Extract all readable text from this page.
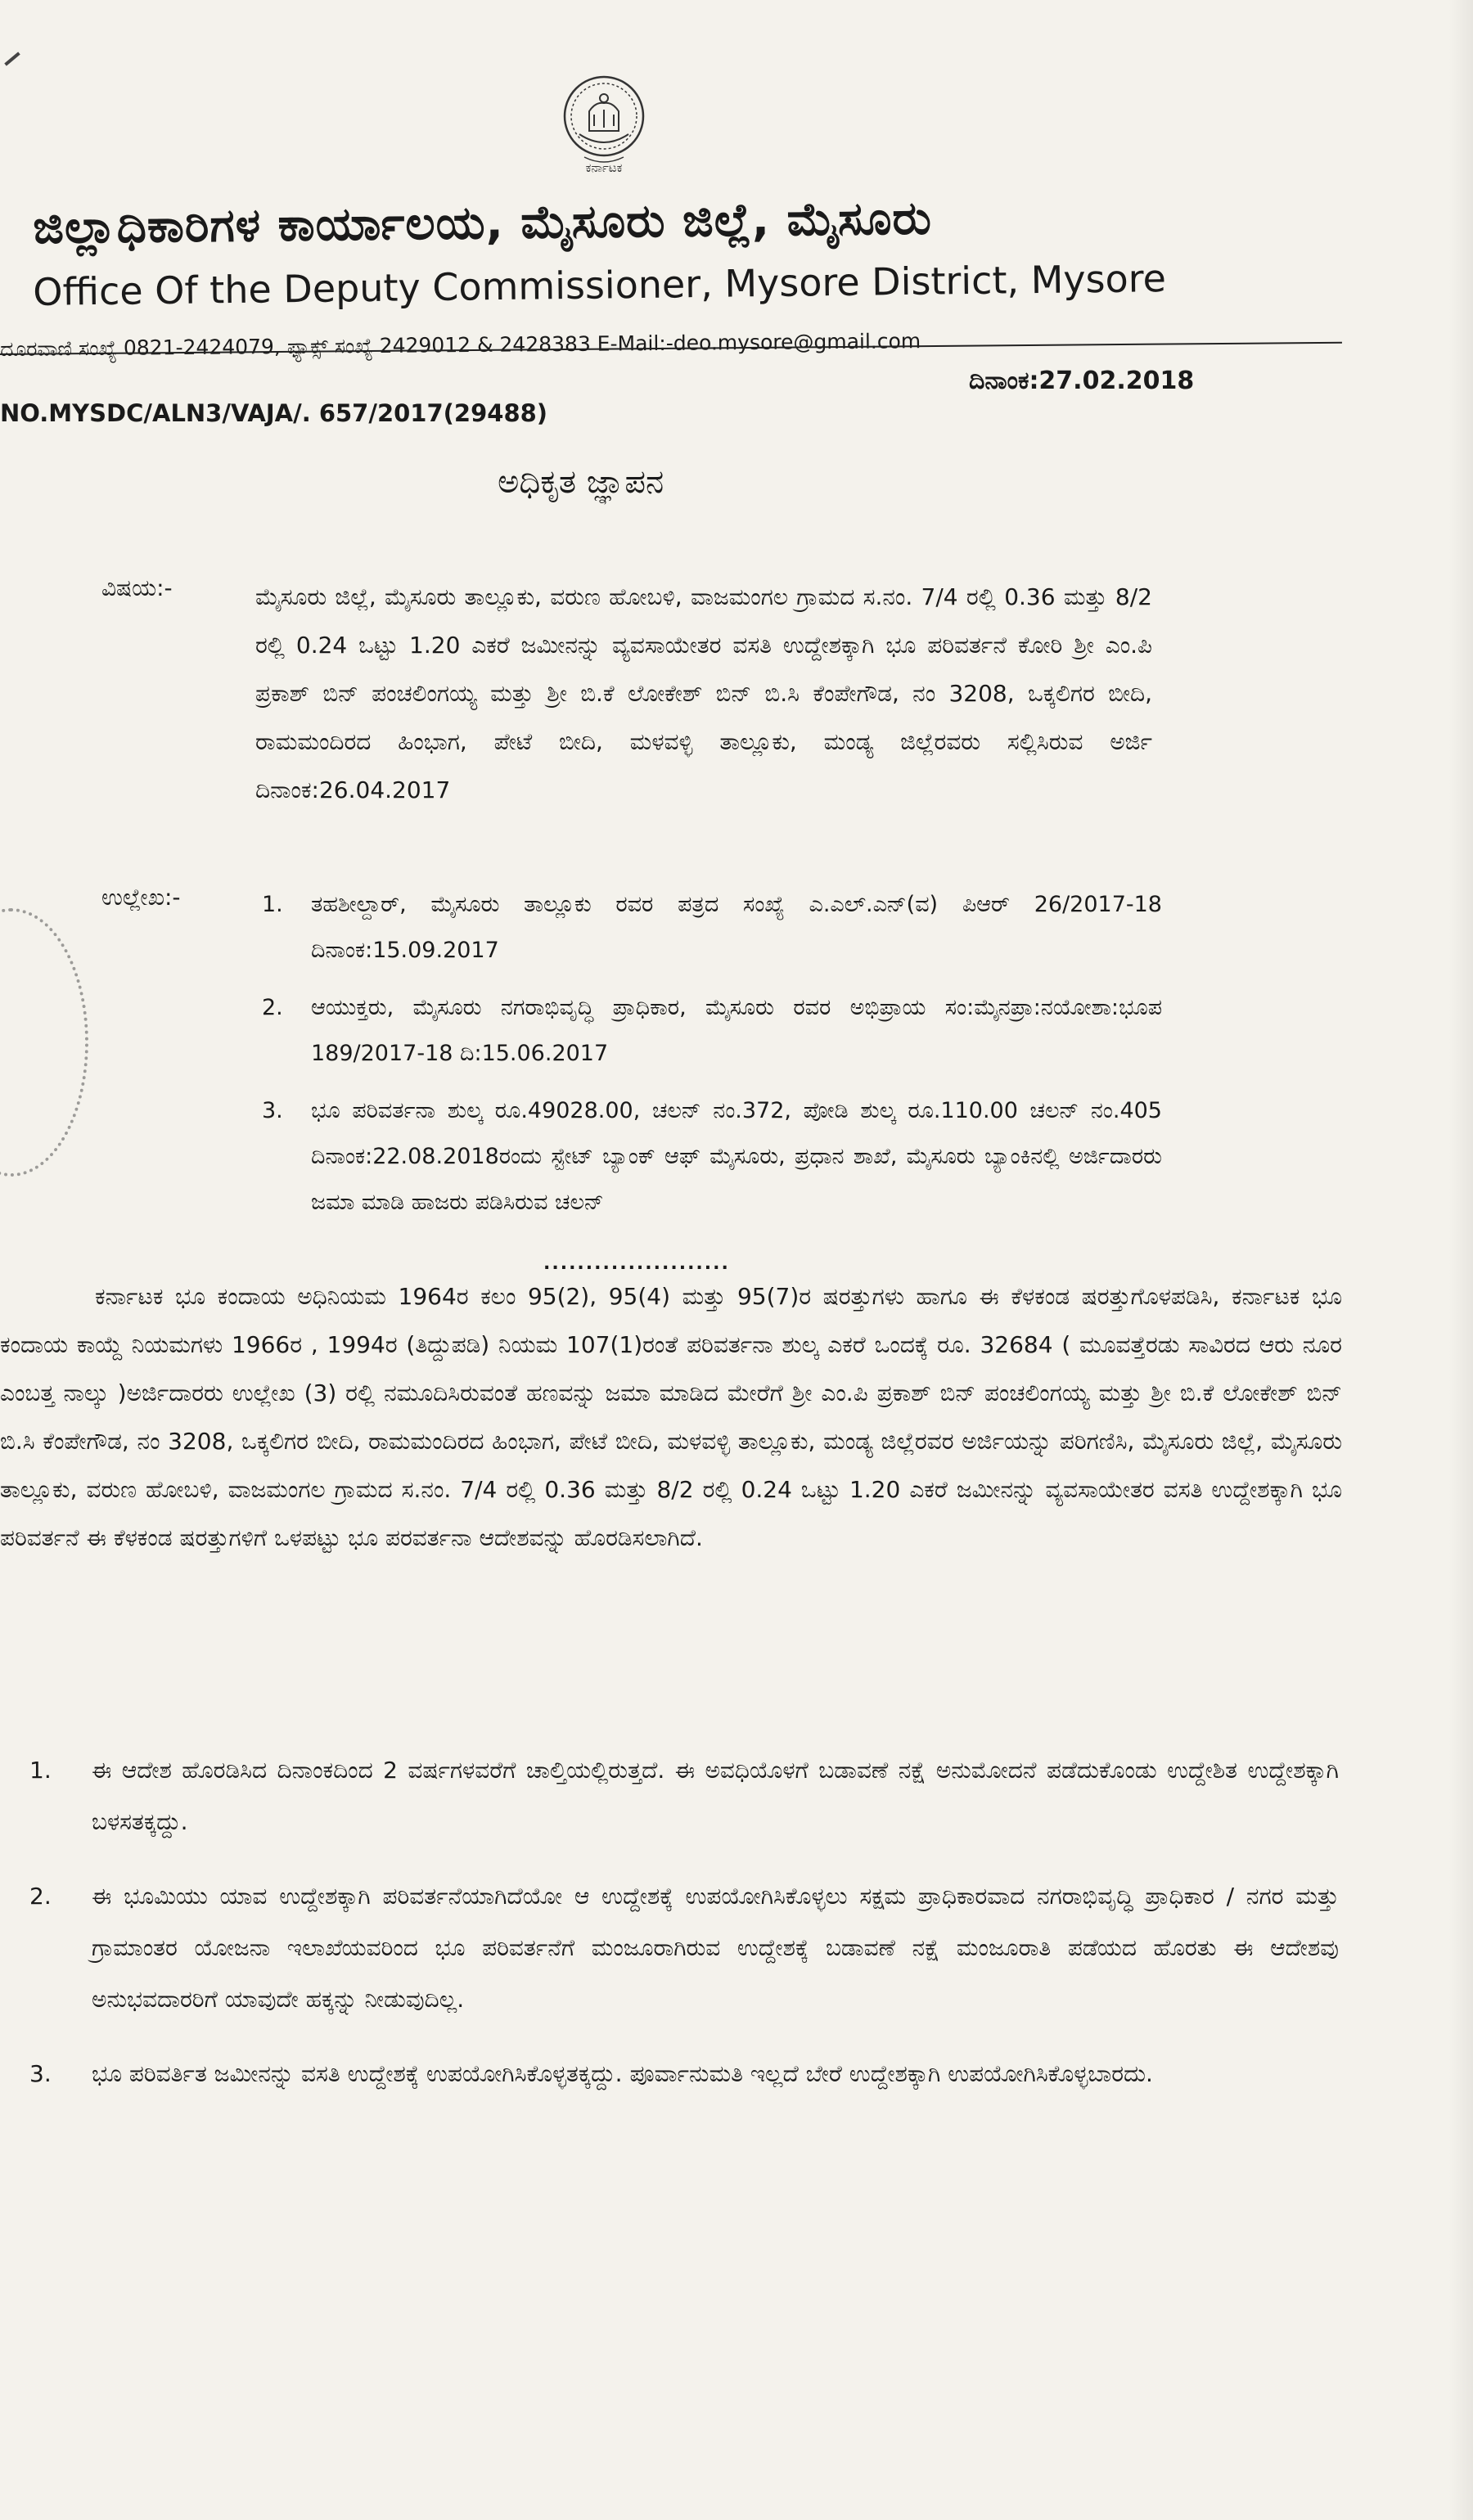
ಕರ್ನಾಟಕ
ಜಿಲ್ಲಾಧಿಕಾರಿಗಳ ಕಾರ್ಯಾಲಯ, ಮೈಸೂರು ಜಿಲ್ಲೆ, ಮೈಸೂರು
Office Of the Deputy Commissioner, Mysore District, Mysore
ದೂರವಾಣಿ ಸಂಖ್ಯೆ 0821-2424079, ಫ್ಯಾಕ್ಸ್ ಸಂಖ್ಯೆ 2429012 & 2428383 E-Mail:-deo.mysore@gmail.com
ದಿನಾಂಕ:27.02.2018
NO.MYSDC/ALN3/VAJA/. 657/2017(29488)
ಅಧಿಕೃತ ಜ್ಞಾಪನ
ವಿಷಯ:-	ಮೈಸೂರು ಜಿಲ್ಲೆ, ಮೈಸೂರು ತಾಲ್ಲೂಕು, ವರುಣ ಹೋಬಳಿ, ವಾಜಮಂಗಲ ಗ್ರಾಮದ ಸ.ನಂ. 7/4 ರಲ್ಲಿ 0.36 ಮತ್ತು 8/2 ರಲ್ಲಿ 0.24 ಒಟ್ಟು 1.20 ಎಕರೆ ಜಮೀನನ್ನು ವ್ಯವಸಾಯೇತರ ವಸತಿ ಉದ್ದೇಶಕ್ಕಾಗಿ ಭೂ ಪರಿವರ್ತನೆ ಕೋರಿ ಶ್ರೀ ಎಂ.ಪಿ ಪ್ರಕಾಶ್ ಬಿನ್ ಪಂಚಲಿಂಗಯ್ಯ ಮತ್ತು ಶ್ರೀ ಬಿ.ಕೆ ಲೋಕೇಶ್ ಬಿನ್ ಬಿ.ಸಿ ಕೆಂಪೇಗೌಡ, ನಂ 3208, ಒಕ್ಕಲಿಗರ ಬೀದಿ, ರಾಮಮಂದಿರದ ಹಿಂಭಾಗ, ಪೇಟೆ ಬೀದಿ, ಮಳವಳ್ಳಿ ತಾಲ್ಲೂಕು, ಮಂಡ್ಯ ಜಿಲ್ಲೆರವರು ಸಲ್ಲಿಸಿರುವ ಅರ್ಜಿ ದಿನಾಂಕ:26.04.2017
ಉಲ್ಲೇಖ:-	1.	ತಹಶೀಲ್ದಾರ್, ಮೈಸೂರು ತಾಲ್ಲೂಕು ರವರ ಪತ್ರದ ಸಂಖ್ಯೆ ಎ.ಎಲ್.ಎನ್(ವ) ಪಿಆರ್ 26/2017-18 ದಿನಾಂಕ:15.09.2017
2.	ಆಯುಕ್ತರು, ಮೈಸೂರು ನಗರಾಭಿವೃದ್ಧಿ ಪ್ರಾಧಿಕಾರ, ಮೈಸೂರು ರವರ ಅಭಿಪ್ರಾಯ ಸಂ:ಮೈನಪ್ರಾ:ನಯೋಶಾ:ಭೂಪ 189/2017-18 ದಿ:15.06.2017
3.	ಭೂ ಪರಿವರ್ತನಾ ಶುಲ್ಕ ರೂ.49028.00, ಚಲನ್ ನಂ.372, ಪೋಡಿ ಶುಲ್ಕ ರೂ.110.00 ಚಲನ್ ನಂ.405 ದಿನಾಂಕ:22.08.2018ರಂದು ಸ್ಟೇಟ್ ಬ್ಯಾಂಕ್ ಆಫ್ ಮೈಸೂರು, ಪ್ರಧಾನ ಶಾಖೆ, ಮೈಸೂರು ಬ್ಯಾಂಕಿನಲ್ಲಿ ಅರ್ಜಿದಾರರು ಜಮಾ ಮಾಡಿ ಹಾಜರು ಪಡಿಸಿರುವ ಚಲನ್
......................
ಕರ್ನಾಟಕ ಭೂ ಕಂದಾಯ ಅಧಿನಿಯಮ 1964ರ ಕಲಂ 95(2), 95(4) ಮತ್ತು 95(7)ರ ಷರತ್ತುಗಳು ಹಾಗೂ ಈ ಕೆಳಕಂಡ ಷರತ್ತುಗೊಳಪಡಿಸಿ, ಕರ್ನಾಟಕ ಭೂ ಕಂದಾಯ ಕಾಯ್ದೆ ನಿಯಮಗಳು 1966ರ , 1994ರ (ತಿದ್ದುಪಡಿ) ನಿಯಮ 107(1)ರಂತೆ ಪರಿವರ್ತನಾ ಶುಲ್ಕ ಎಕರೆ ಒಂದಕ್ಕೆ ರೂ. 32684 ( ಮೂವತ್ತೆರಡು ಸಾವಿರದ ಆರು ನೂರ ಎಂಬತ್ತ ನಾಲ್ಕು )ಅರ್ಜಿದಾರರು ಉಲ್ಲೇಖ (3) ರಲ್ಲಿ ನಮೂದಿಸಿರುವಂತೆ ಹಣವನ್ನು ಜಮಾ ಮಾಡಿದ ಮೇರೆಗೆ ಶ್ರೀ ಎಂ.ಪಿ ಪ್ರಕಾಶ್ ಬಿನ್ ಪಂಚಲಿಂಗಯ್ಯ ಮತ್ತು ಶ್ರೀ ಬಿ.ಕೆ ಲೋಕೇಶ್ ಬಿನ್ ಬಿ.ಸಿ ಕೆಂಪೇಗೌಡ, ನಂ 3208, ಒಕ್ಕಲಿಗರ ಬೀದಿ, ರಾಮಮಂದಿರದ ಹಿಂಭಾಗ, ಪೇಟೆ ಬೀದಿ, ಮಳವಳ್ಳಿ ತಾಲ್ಲೂಕು, ಮಂಡ್ಯ ಜಿಲ್ಲೆರವರ ಅರ್ಜಿಯನ್ನು ಪರಿಗಣಿಸಿ, ಮೈಸೂರು ಜಿಲ್ಲೆ, ಮೈಸೂರು ತಾಲ್ಲೂಕು, ವರುಣ ಹೋಬಳಿ, ವಾಜಮಂಗಲ ಗ್ರಾಮದ ಸ.ನಂ. 7/4 ರಲ್ಲಿ 0.36 ಮತ್ತು 8/2 ರಲ್ಲಿ 0.24 ಒಟ್ಟು 1.20 ಎಕರೆ ಜಮೀನನ್ನು ವ್ಯವಸಾಯೇತರ ವಸತಿ ಉದ್ದೇಶಕ್ಕಾಗಿ ಭೂ ಪರಿವರ್ತನೆ ಈ ಕೆಳಕಂಡ ಷರತ್ತುಗಳಿಗೆ ಒಳಪಟ್ಟು ಭೂ ಪರವರ್ತನಾ ಆದೇಶವನ್ನು ಹೊರಡಿಸಲಾಗಿದೆ.
1.	ಈ ಆದೇಶ ಹೊರಡಿಸಿದ ದಿನಾಂಕದಿಂದ 2 ವರ್ಷಗಳವರೆಗೆ ಚಾಲ್ತಿಯಲ್ಲಿರುತ್ತದೆ. ಈ ಅವಧಿಯೊಳಗೆ ಬಡಾವಣೆ ನಕ್ಷೆ ಅನುಮೋದನೆ ಪಡೆದುಕೊಂಡು ಉದ್ದೇಶಿತ ಉದ್ದೇಶಕ್ಕಾಗಿ ಬಳಸತಕ್ಕದ್ದು.
2.	ಈ ಭೂಮಿಯು ಯಾವ ಉದ್ದೇಶಕ್ಕಾಗಿ ಪರಿವರ್ತನೆಯಾಗಿದೆಯೋ ಆ ಉದ್ದೇಶಕ್ಕೆ ಉಪಯೋಗಿಸಿಕೊಳ್ಳಲು ಸಕ್ಷಮ ಪ್ರಾಧಿಕಾರವಾದ ನಗರಾಭಿವೃದ್ಧಿ ಪ್ರಾಧಿಕಾರ / ನಗರ ಮತ್ತು ಗ್ರಾಮಾಂತರ ಯೋಜನಾ ಇಲಾಖೆಯವರಿಂದ ಭೂ ಪರಿವರ್ತನೆಗೆ ಮಂಜೂರಾಗಿರುವ ಉದ್ದೇಶಕ್ಕೆ ಬಡಾವಣೆ ನಕ್ಷೆ ಮಂಜೂರಾತಿ ಪಡೆಯದ ಹೊರತು ಈ ಆದೇಶವು ಅನುಭವದಾರರಿಗೆ ಯಾವುದೇ ಹಕ್ಕನ್ನು ನೀಡುವುದಿಲ್ಲ.
3.	ಭೂ ಪರಿವರ್ತಿತ ಜಮೀನನ್ನು ವಸತಿ ಉದ್ದೇಶಕ್ಕೆ ಉಪಯೋಗಿಸಿಕೊಳ್ಳತಕ್ಕದ್ದು. ಪೂರ್ವಾನುಮತಿ ಇಲ್ಲದೆ ಬೇರೆ ಉದ್ದೇಶಕ್ಕಾಗಿ ಉಪಯೋಗಿಸಿಕೊಳ್ಳಬಾರದು.
